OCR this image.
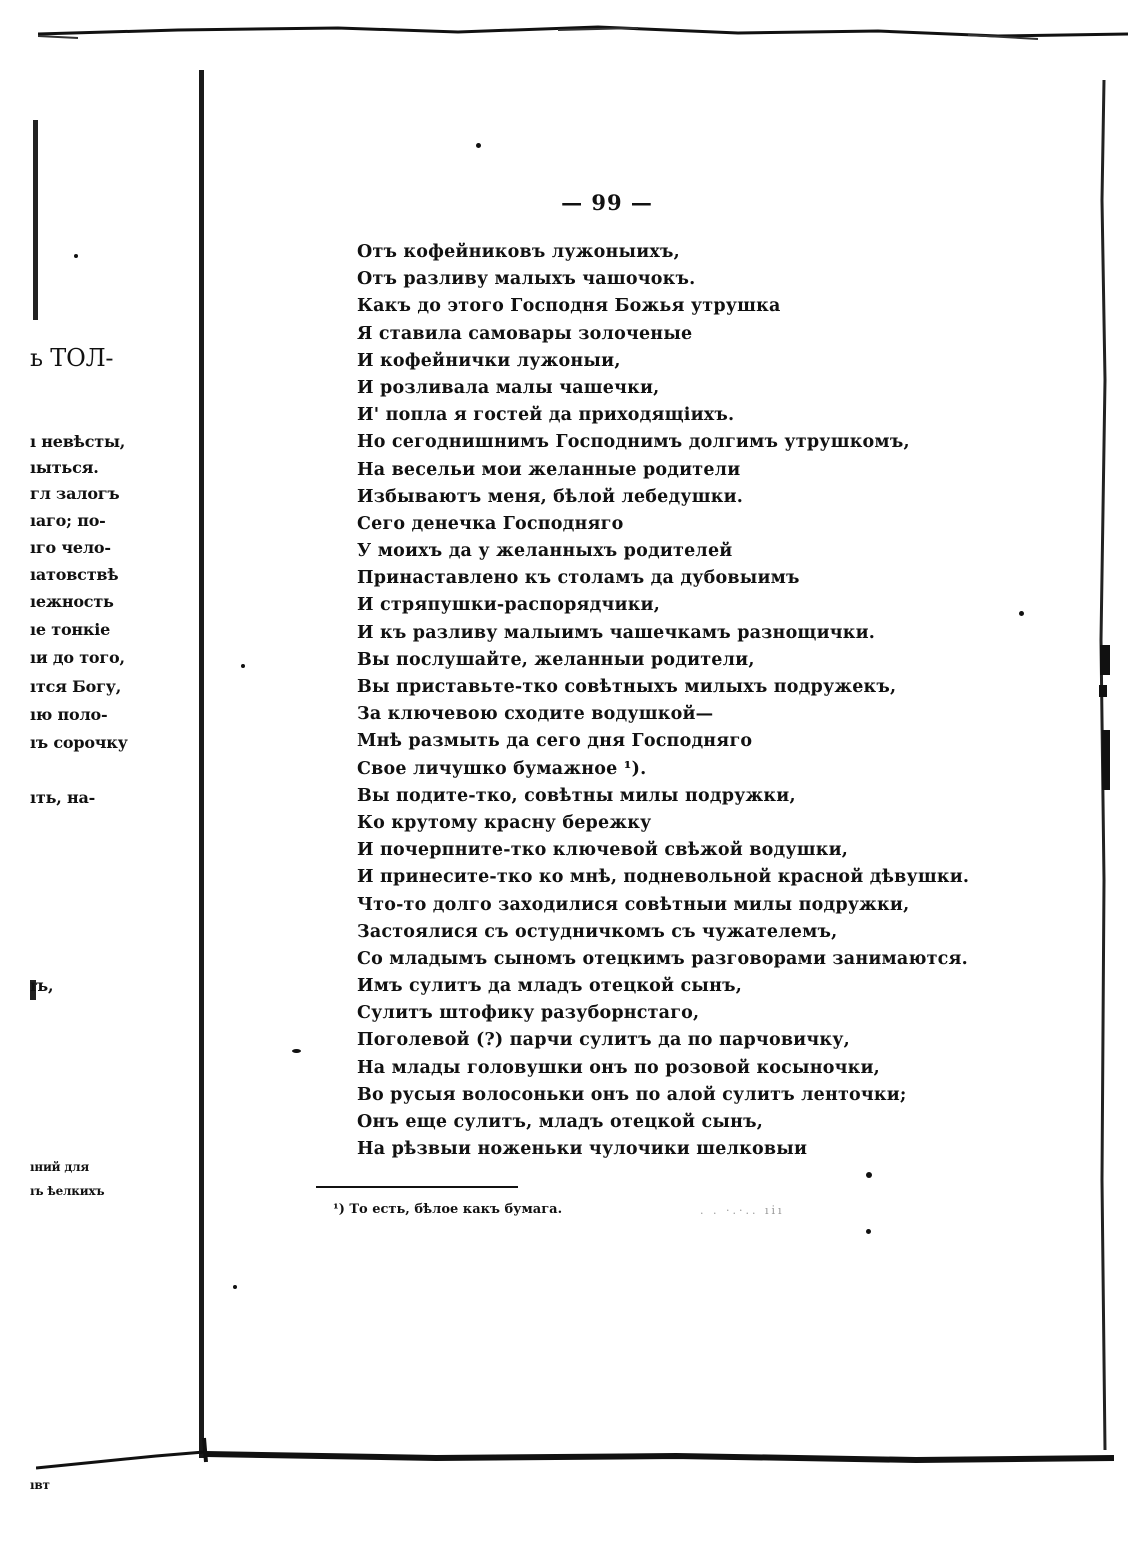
ь ТОЛ-
ı невѣсты,
ıыться.
гл залогъ
ıаго; по-
ıго чело-
ıатовствѣ
ıежность
ıе тонкіе
ıи до того,
ıтся Богу,
ıю поло-
ıъ сорочку
ıть, на-
ıъ,
ıний для
ıъ ѣелкихъ
ıвт
— 99 —
Отъ кофейниковъ лужоныихъ,
Отъ разливу малыхъ чашочокъ.
Какъ до этого Господня Божья утрушка
Я ставила самовары золоченые
И кофейнички лужоныи,
И розливала малы чашечки,
И' попла я гостей да приходящіихъ.
Но сегоднишнимъ Господнимъ долгимъ утрушкомъ,
На весельи мои желанные родители
Избываютъ меня, бѣлой лебедушки.
Сего денечка Господняго
У моихъ да у желанныхъ родителей
Принаставлено къ столамъ да дубовыимъ
И стряпушки-распорядчики,
И къ разливу малыимъ чашечкамъ разнощички.
Вы послушайте, желанныи родители,
Вы приставьте-тко совѣтныхъ милыхъ подружекъ,
За ключевою сходите водушкой—
Мнѣ размыть да сего дня Господняго
Свое личушко бумажное ¹).
Вы подите-тко, совѣтны милы подружки,
Ко крутому красну бережку
И почерпните-тко ключевой свѣжой водушки,
И принесите-тко ко мнѣ, подневольной красной дѣвушки.
Что-то долго заходилися совѣтныи милы подружки,
Застоялися съ остудничкомъ съ чужателемъ,
Со младымъ сыномъ отецкимъ разговорами занимаются.
Имъ сулитъ да младъ отецкой сынъ,
Сулитъ штофику разуборнстаго,
Поголевой (?) парчи сулитъ да по парчовичку,
На млады головушки онъ по розовой косыночки,
Во русыя волосоньки онъ по алой сулитъ ленточки;
Онъ еще сулитъ, младъ отецкой сынъ,
На рѣзвыи ноженьки чулочики шелковыи
¹) То есть, бѣлое какъ бумага.	. . ·.·.. ıı̇ı
